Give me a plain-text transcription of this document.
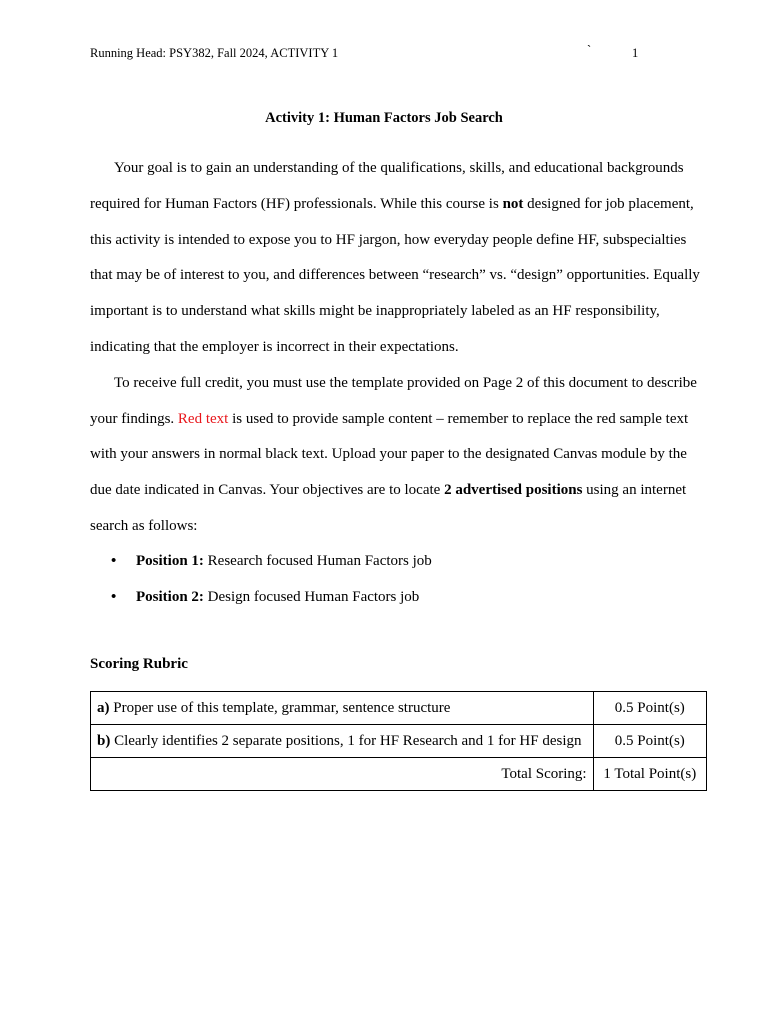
Running Head: PSY382, Fall 2024, ACTIVITY 1	`	1
Activity 1: Human Factors Job Search

Your goal is to gain an understanding of the qualifications, skills, and educational backgrounds required for Human Factors (HF) professionals. While this course is not designed for job placement, this activity is intended to expose you to HF jargon, how everyday people define HF, subspecialties that may be of interest to you, and differences between “research” vs. “design” opportunities. Equally important is to understand what skills might be inappropriately labeled as an HF responsibility, indicating that the employer is incorrect in their expectations.

To receive full credit, you must use the template provided on Page 2 of this document to describe your findings. Red text is used to provide sample content – remember to replace the red sample text with your answers in normal black text. Upload your paper to the designated Canvas module by the due date indicated in Canvas. Your objectives are to locate 2 advertised positions using an internet search as follows:

• Position 1: Research focused Human Factors job
• Position 2: Design focused Human Factors job
Scoring Rubric
a) Proper use of this template, grammar, sentence structure	0.5 Point(s)
b) Clearly identifies 2 separate positions, 1 for HF Research and 1 for HF design	0.5 Point(s)
Total Scoring:	1 Total Point(s)
